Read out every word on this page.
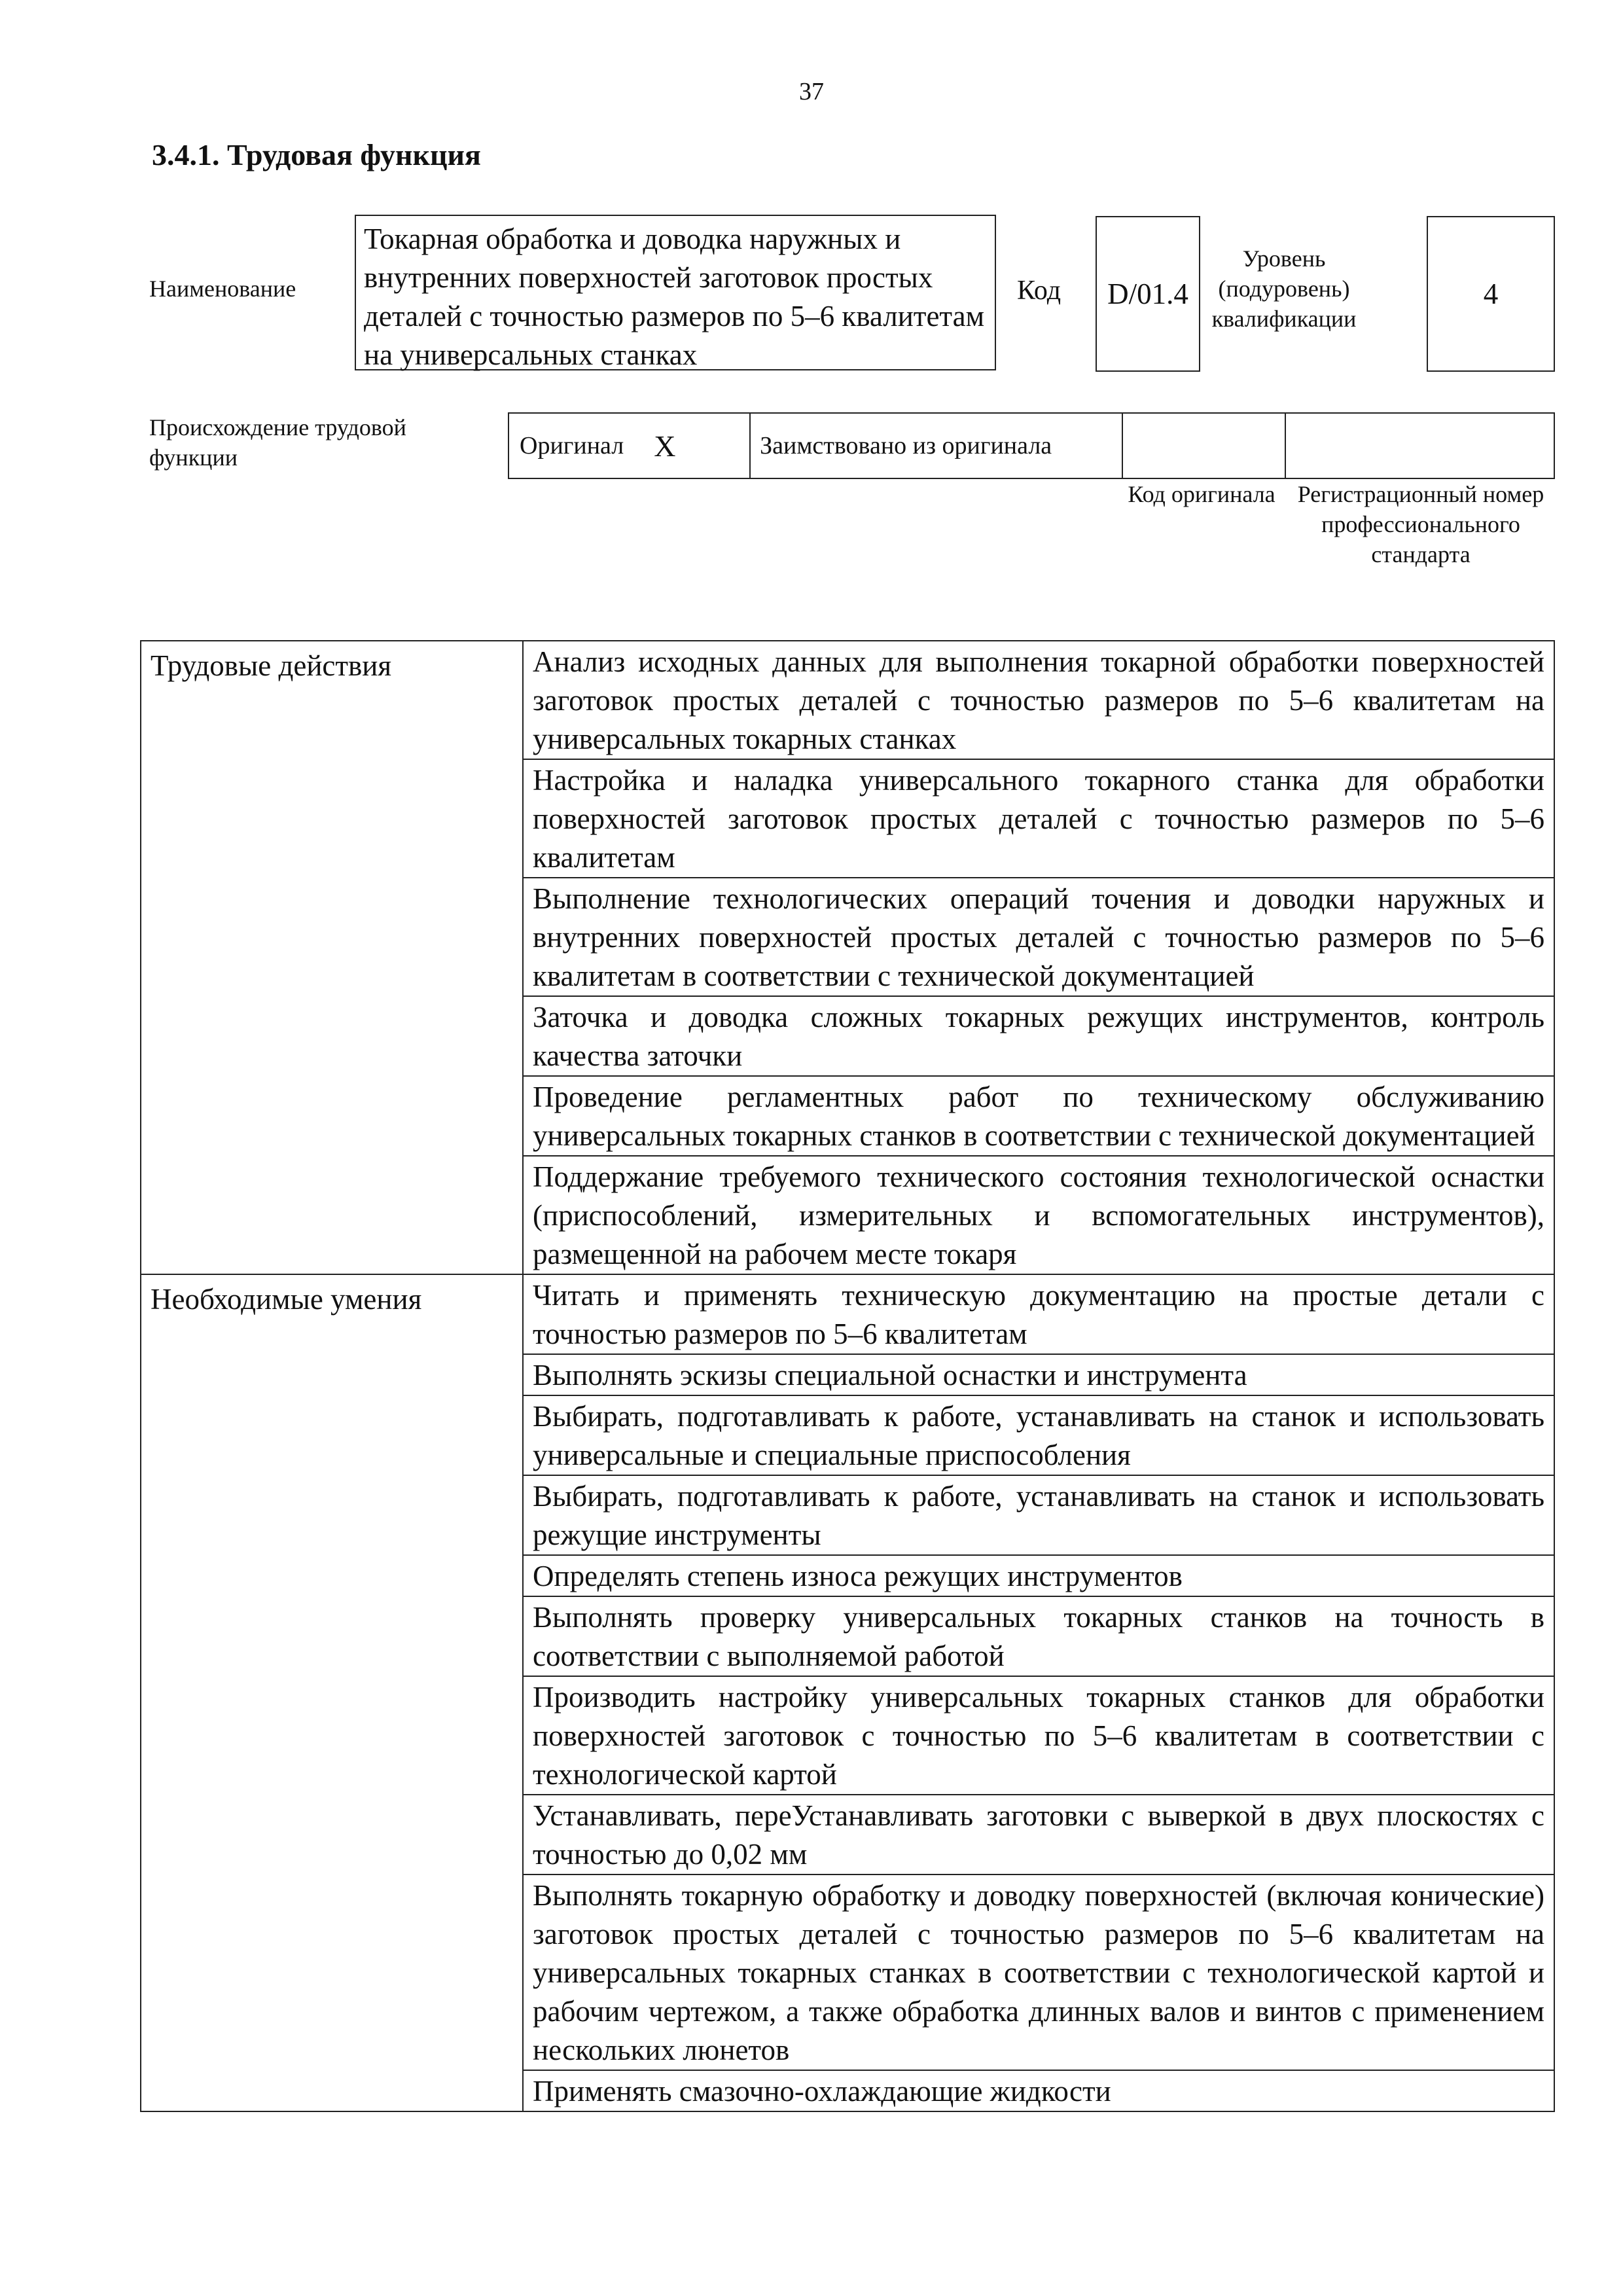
37
3.4.1. Трудовая функция
Наименование
Токарная обработка и доводка наружных и внутренних поверхностей заготовок простых деталей с точностью размеров по 5–6 квалитетам на универсальных станках
Код	D/01.4
Уровень (подуровень) квалификации
4
Происхождение трудовой функции	Оригинал X	Заимствовано из оригинала
Код оригинала Регистрационный номер профессионального стандарта
Трудовые действия	Анализ исходных данных для выполнения токарной обработки поверхностей заготовок простых деталей с точностью размеров по 5–6 квалитетам на универсальных токарных станках
	Настройка и наладка универсального токарного станка для обработки поверхностей заготовок простых деталей с точностью размеров по 5–6 квалитетам
	Выполнение технологических операций точения и доводки наружных и внутренних поверхностей простых деталей с точностью размеров по 5–6 квалитетам в соответствии с технической документацией
	Заточка и доводка сложных токарных режущих инструментов, контроль качества заточки
	Проведение регламентных работ по техническому обслуживанию универсальных токарных станков в соответствии с технической документацией
	Поддержание требуемого технического состояния технологической оснастки (приспособлений, измерительных и вспомогательных инструментов), размещенной на рабочем месте токаря
Необходимые умения	Читать и применять техническую документацию на простые детали с точностью размеров по 5–6 квалитетам
	Выполнять эскизы специальной оснастки и инструмента
	Выбирать, подготавливать к работе, устанавливать на станок и использовать универсальные и специальные приспособления
	Выбирать, подготавливать к работе, устанавливать на станок и использовать режущие инструменты
	Определять степень износа режущих инструментов
	Выполнять проверку универсальных токарных станков на точность в соответствии с выполняемой работой
	Производить настройку универсальных токарных станков для обработки поверхностей заготовок с точностью по 5–6 квалитетам в соответствии с технологической картой
	Устанавливать, переУстанавливать заготовки с выверкой в двух плоскостях с точностью до 0,02 мм
	Выполнять токарную обработку и доводку поверхностей (включая конические) заготовок простых деталей с точностью размеров по 5–6 квалитетам на универсальных токарных станках в соответствии с технологической картой и рабочим чертежом, а также обработка длинных валов и винтов с применением нескольких люнетов
	Применять смазочно-охлаждающие жидкости
